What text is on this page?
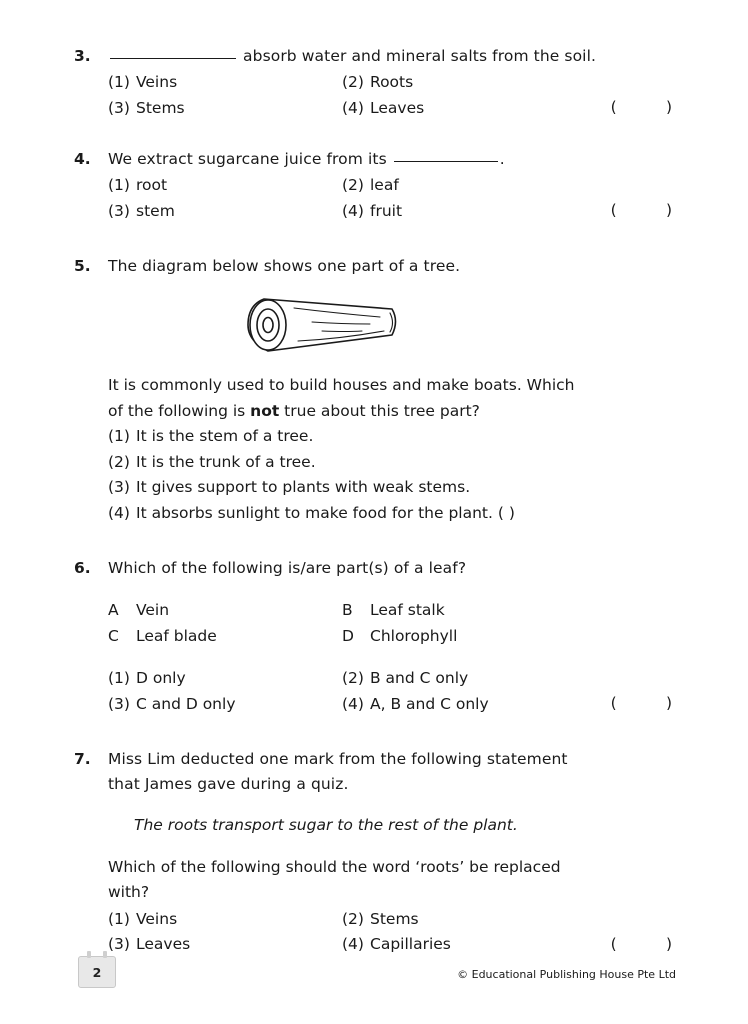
3.	absorb water and mineral salts from the soil.
(1) Veins	(2) Roots
(3) Stems	(4) Leaves	(          )
4.	We extract sugarcane juice from its	.
(1) root	(2) leaf
(3) stem	(4) fruit	(          )
5.	The diagram below shows one part of a tree.
It is commonly used to build houses and make boats. Which
of the following is not true about this tree part?
(1) It is the stem of a tree.
(2) It is the trunk of a tree.
(3) It gives support to plants with weak stems.
(4) It absorbs sunlight to make food for the plant. ( )
6.	Which of the following is/are part(s) of a leaf?
A	Vein	B	Leaf stalk
C	Leaf blade	D	Chlorophyll
(1) D only	(2) B and C only
(3) C and D only	(4) A, B and C only	(          )
7.	Miss Lim deducted one mark from the following statement
that James gave during a quiz.
The roots transport sugar to the rest of the plant.
Which of the following should the word ‘roots’ be replaced
with?
(1) Veins	(2) Stems
(3) Leaves	(4) Capillaries	(          )
2	© Educational Publishing House Pte Ltd
